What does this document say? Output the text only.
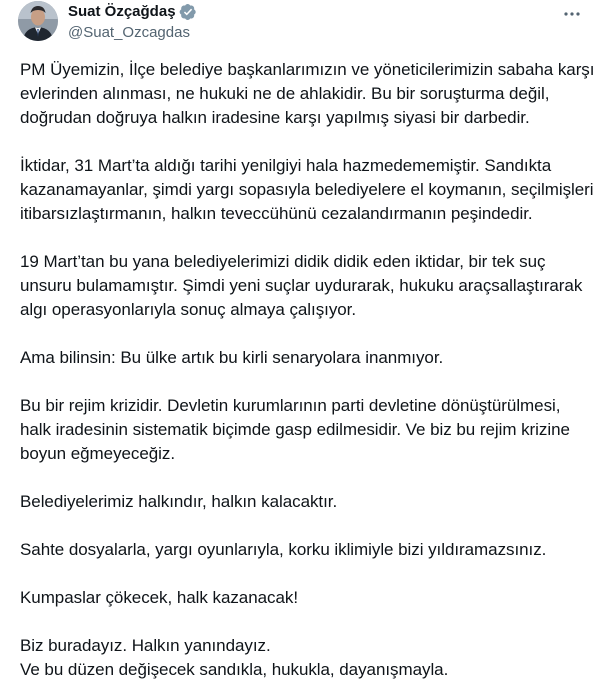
Suat Özçağdaş
@Suat_Ozcagdas
PM Üyemizin, İlçe belediye başkanlarımızın ve yöneticilerimizin sabaha karşı
evlerinden alınması, ne hukuki ne de ahlakidir. Bu bir soruşturma değil,
doğrudan doğruya halkın iradesine karşı yapılmış siyasi bir darbedir.
İktidar, 31 Mart’ta aldığı tarihi yenilgiyi hala hazmedememiştir. Sandıkta
kazanamayanlar, şimdi yargı sopasıyla belediyelere el koymanın, seçilmişleri
itibarsızlaştırmanın, halkın teveccühünü cezalandırmanın peşindedir.
19 Mart’tan bu yana belediyelerimizi didik didik eden iktidar, bir tek suç
unsuru bulamamıştır. Şimdi yeni suçlar uydurarak, hukuku araçsallaştırarak
algı operasyonlarıyla sonuç almaya çalışıyor.
Ama bilinsin: Bu ülke artık bu kirli senaryolara inanmıyor.
Bu bir rejim krizidir. Devletin kurumlarının parti devletine dönüştürülmesi,
halk iradesinin sistematik biçimde gasp edilmesidir. Ve biz bu rejim krizine
boyun eğmeyeceğiz.
Belediyelerimiz halkındır, halkın kalacaktır.
Sahte dosyalarla, yargı oyunlarıyla, korku iklimiyle bizi yıldıramazsınız.
Kumpaslar çökecek, halk kazanacak!
Biz buradayız. Halkın yanındayız.
Ve bu düzen değişecek sandıkla, hukukla, dayanışmayla.
